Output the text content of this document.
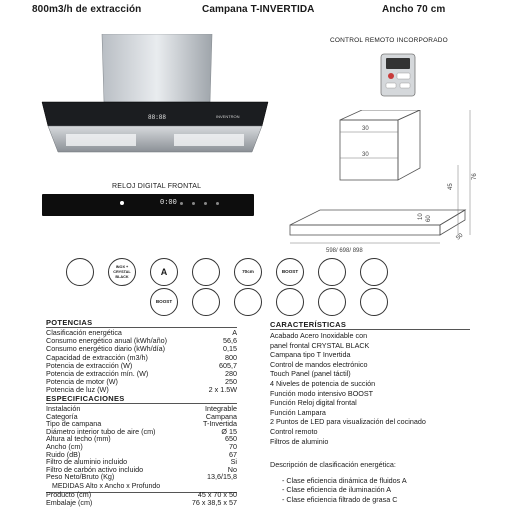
800m3/h de extracción	Campana T-INVERTIDA	Ancho 70 cm
88:88	INVENTRON
CONTROL REMOTO INCORPORADO
30
30
45
76
10 60
50
598/ 698/ 898
RELOJ DIGITAL FRONTAL
0:00
INOX + CRYSTAL BLACK	A	70cm	BOOST
BOOST
POTENCIAS
Clasificación energética	A
Consumo energético anual (kWh/año)	56,6
Consumo energético diario (kWh/día)	0,15
Capacidad de extracción (m3/h)	800
Potencia de extracción (W)	605,7
Potencia de extracción mín. (W)	280
Potencia de motor (W)	250
Potencia de luz (W)	2 x 1.5W
ESPECIFICACIONES
Instalación	Integrable
Categoría	Campana
Tipo de campana	T-Invertida
Diámetro interior tubo de aire (cm)	Ø 15
Altura al techo (mm)	650
Ancho (cm)	70
Ruido (dB)	67
Filtro de aluminio incluido	Si
Filtro de carbón activo incluido	No
Peso Neto/Bruto (Kg)	13,6/15,8
MEDIDAS Alto x Ancho x Profundo
Producto (cm)	45 x 70 x 50
Embalaje (cm)	76 x 38,5 x 57
CARACTERÍSTICAS
Acabado Acero Inoxidable con
panel frontal CRYSTAL BLACK
Campana tipo T Invertida
Control de mandos electrónico
Touch Panel (panel táctil)
4 Niveles de potencia de succión
Función modo intensivo BOOST
Función Reloj digital frontal
Función Lampara
2 Puntos de LED para visualización del cocinado
Control remoto
Filtros de aluminio
Descripción de clasificación energética:
- Clase eficiencia dinámica de fluidos A
- Clase eficiencia de iluminación A
- Clase eficiencia filtrado de grasa C
